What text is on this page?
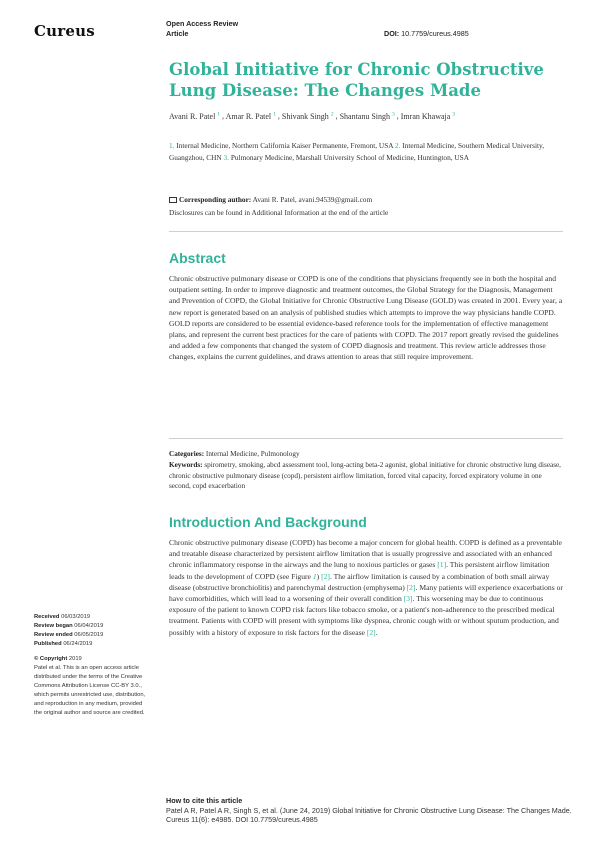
Cureus	Open Access Review
Article	DOI: 10.7759/cureus.4985
Global Initiative for Chronic Obstructive Lung Disease: The Changes Made
Avani R. Patel $^1$ , Amar R. Patel $^1$ , Shivank Singh $^2$ , Shantanu Singh $^3$ , Imran Khawaja $^3$
1. Internal Medicine, Northern California Kaiser Permanente, Fremont, USA 2. Internal Medicine, Southern Medical University, Guangzhou, CHN 3. Pulmonary Medicine, Marshall University School of Medicine, Huntington, USA
Corresponding author: Avani R. Patel, avani.94539@gmail.com
Disclosures can be found in Additional Information at the end of the article
Abstract
Chronic obstructive pulmonary disease or COPD is one of the conditions that physicians frequently see in both the hospital and outpatient setting. In order to improve diagnostic and treatment outcomes, the Global Strategy for the Diagnosis, Management and Prevention of COPD, the Global Initiative for Chronic Obstructive Lung Disease (GOLD) was created in 2001. Every year, a new report is generated based on an analysis of published studies which attempts to improve the way physicians handle COPD. GOLD reports are considered to be essential evidence-based reference tools for the implementation of effective management plans, and represent the current best practices for the care of patients with COPD. The 2017 report greatly revised the guidelines and added a few components that changed the system of COPD diagnosis and treatment. This review article addresses those changes, explains the current guidelines, and draws attention to areas that still require improvement.
Categories: Internal Medicine, Pulmonology
Keywords: spirometry, smoking, abcd assessment tool, long-acting beta-2 agonist, global initiative for chronic obstructive lung disease, chronic obstructive pulmonary disease (copd), persistent airflow limitation, forced vital capacity, forced expiratory volume in one second, copd exacerbation
Introduction And Background
Chronic obstructive pulmonary disease (COPD) has become a major concern for global health. COPD is defined as a preventable and treatable disease characterized by persistent airflow limitation that is usually progressive and associated with an enhanced chronic inflammatory response in the airways and the lung to noxious particles or gases [1]. This persistent airflow limitation leads to the development of COPD (see Figure 1) [2]. The airflow limitation is caused by a combination of both small airway disease (obstructive bronchiolitis) and parenchymal destruction (emphysema) [2]. Many patients will experience exacerbations or have comorbidities, which will lead to a worsening of their overall condition [3]. This worsening may be due to continuous exposure of the patient to known COPD risk factors like tobacco smoke, or a patient's non-adherence to the prescribed medical treatment. Patients with COPD will present with symptoms like dyspnea, chronic cough with or without sputum production, and possibly with a history of exposure to risk factors for the disease [2].
Received 06/03/2019
Review began 06/04/2019
Review ended 06/05/2019
Published 06/24/2019
© Copyright 2019
Patel et al. This is an open access article distributed under the terms of the Creative Commons Attribution License CC-BY 3.0., which permits unrestricted use, distribution, and reproduction in any medium, provided the original author and source are credited.
How to cite this article
Patel A R, Patel A R, Singh S, et al. (June 24, 2019) Global Initiative for Chronic Obstructive Lung Disease: The Changes Made. Cureus 11(6): e4985. DOI 10.7759/cureus.4985
